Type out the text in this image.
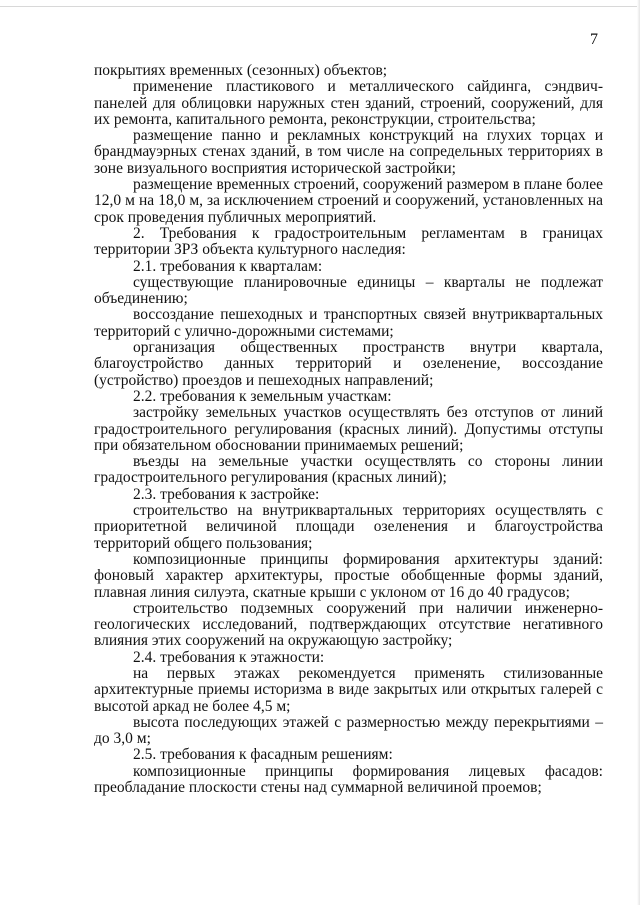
7

покрытиях временных (сезонных) объектов;

применение пластикового и металлического сайдинга, сэндвич-панелей для облицовки наружных стен зданий, строений, сооружений, для их ремонта, капитального ремонта, реконструкции, строительства;

размещение панно и рекламных конструкций на глухих торцах и брандмауэрных стенах зданий, в том числе на сопредельных территориях в зоне визуального восприятия исторической застройки;

размещение временных строений, сооружений размером в плане более 12,0 м на 18,0 м, за исключением строений и сооружений, установленных на срок проведения публичных мероприятий.

2. Требования к градостроительным регламентам в границах территории ЗРЗ объекта культурного наследия:

2.1. требования к кварталам:

существующие планировочные единицы – кварталы не подлежат объединению;

воссоздание пешеходных и транспортных связей внутриквартальных территорий с улично-дорожными системами;

организация общественных пространств внутри квартала, благоустройство данных территорий и озеленение, воссоздание (устройство) проездов и пешеходных направлений;

2.2. требования к земельным участкам:

застройку земельных участков осуществлять без отступов от линий градостроительного регулирования (красных линий). Допустимы отступы при обязательном обосновании принимаемых решений;

въезды на земельные участки осуществлять со стороны линии градостроительного регулирования (красных линий);

2.3. требования к застройке:

строительство на внутриквартальных территориях осуществлять с приоритетной величиной площади озеленения и благоустройства территорий общего пользования;

композиционные принципы формирования архитектуры зданий: фоновый характер архитектуры, простые обобщенные формы зданий, плавная линия силуэта, скатные крыши с уклоном от 16 до 40 градусов;

строительство подземных сооружений при наличии инженерно-геологических исследований, подтверждающих отсутствие негативного влияния этих сооружений на окружающую застройку;

2.4. требования к этажности:

на первых этажах рекомендуется применять стилизованные архитектурные приемы историзма в виде закрытых или открытых галерей с высотой аркад не более 4,5 м;

высота последующих этажей с размерностью между перекрытиями – до 3,0 м;

2.5. требования к фасадным решениям:

композиционные принципы формирования лицевых фасадов: преобладание плоскости стены над суммарной величиной проемов;
